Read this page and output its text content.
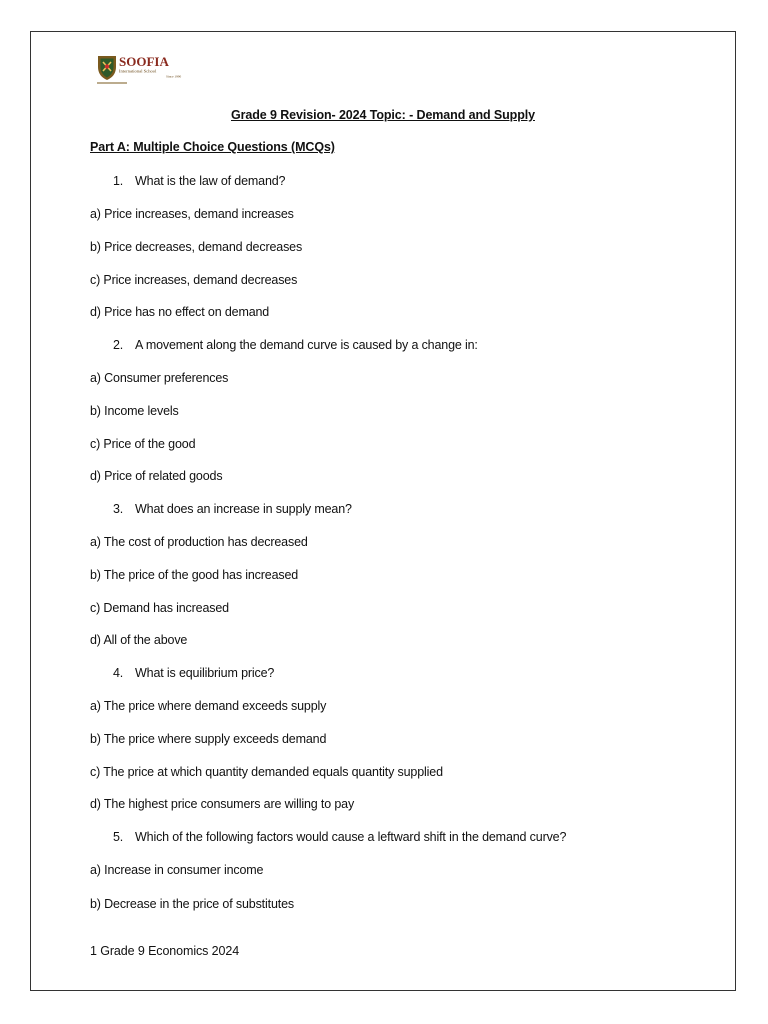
SOOFIA
International School
Since 1990
Grade 9 Revision- 2024 Topic: - Demand and Supply
Part A: Multiple Choice Questions (MCQs)
1. What is the law of demand?
a) Price increases, demand increases
b) Price decreases, demand decreases
c) Price increases, demand decreases
d) Price has no effect on demand
2. A movement along the demand curve is caused by a change in:
a) Consumer preferences
b) Income levels
c) Price of the good
d) Price of related goods
3. What does an increase in supply mean?
a) The cost of production has decreased
b) The price of the good has increased
c) Demand has increased
d) All of the above
4. What is equilibrium price?
a) The price where demand exceeds supply
b) The price where supply exceeds demand
c) The price at which quantity demanded equals quantity supplied
d) The highest price consumers are willing to pay
5. Which of the following factors would cause a leftward shift in the demand curve?
a) Increase in consumer income
b) Decrease in the price of substitutes
1 Grade 9 Economics 2024
